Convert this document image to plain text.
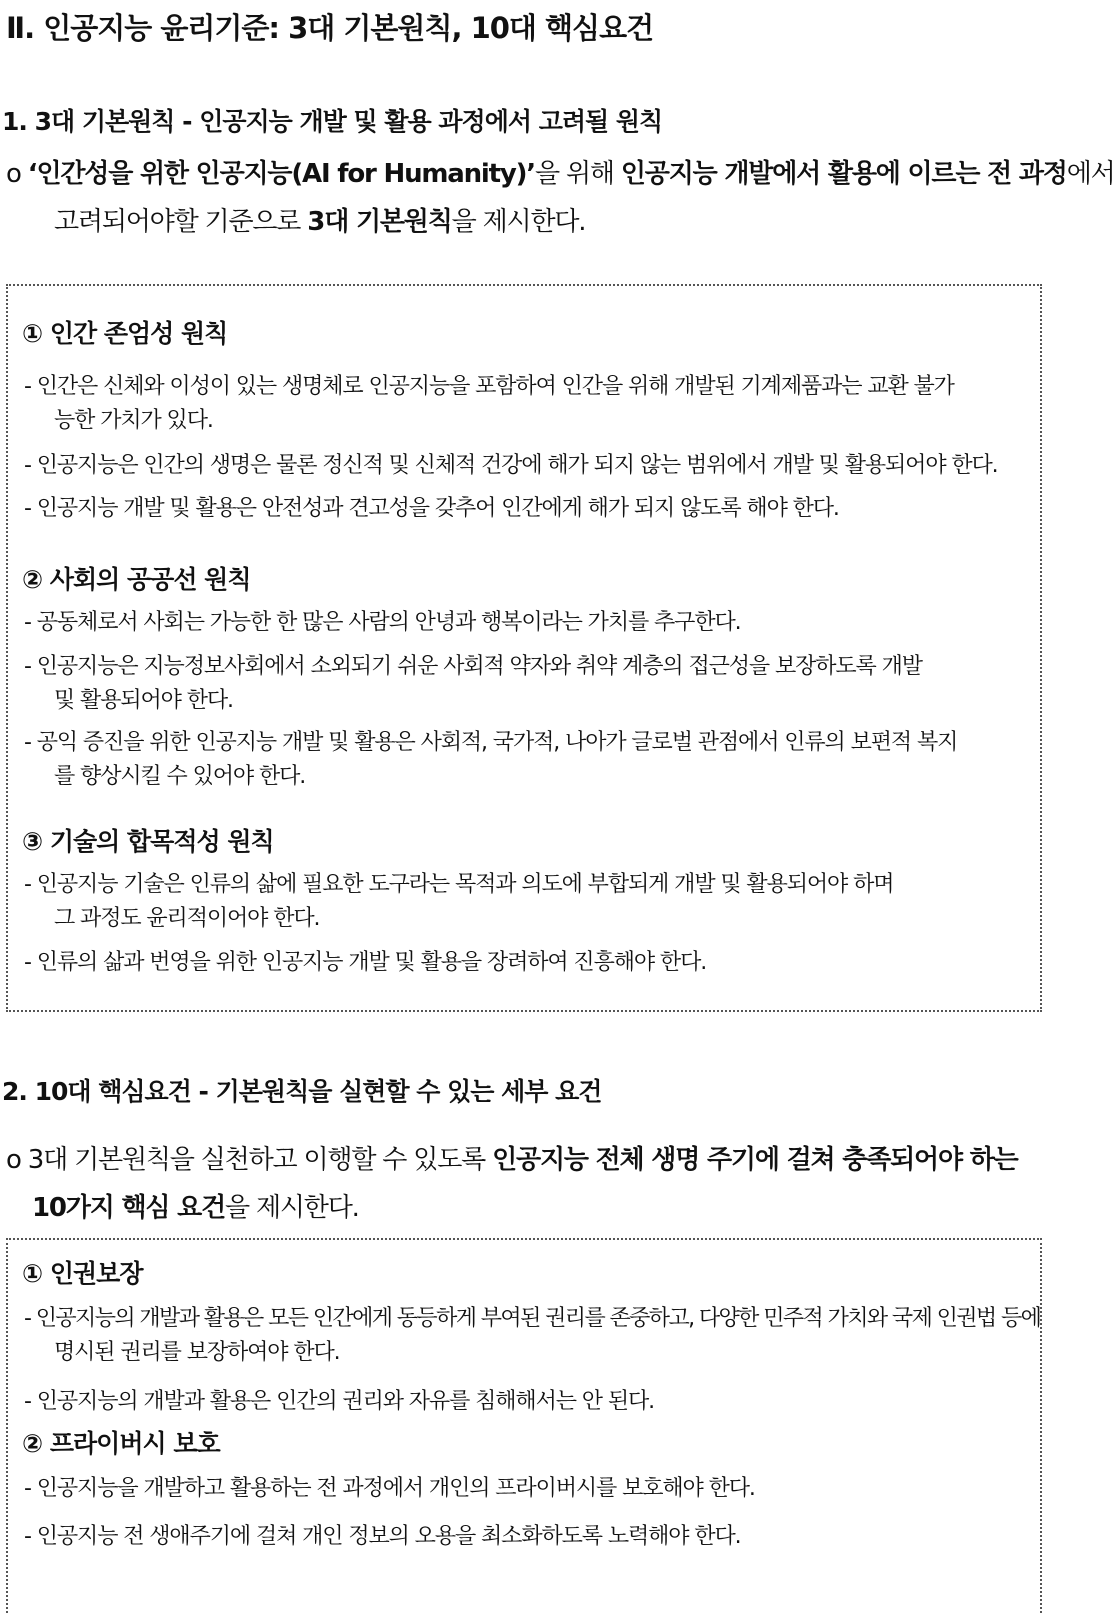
Ⅱ. 인공지능 윤리기준: 3대 기본원칙, 10대 핵심요건
1. 3대 기본원칙 - 인공지능 개발 및 활용 과정에서 고려될 원칙
o ‘인간성을 위한 인공지능(AI for Humanity)’을 위해 인공지능 개발에서 활용에 이르는 전 과정에서
고려되어야할 기준으로 3대 기본원칙을 제시한다.
① 인간 존엄성 원칙
- 인간은 신체와 이성이 있는 생명체로 인공지능을 포함하여 인간을 위해 개발된 기계제품과는 교환 불가
능한 가치가 있다.
- 인공지능은 인간의 생명은 물론 정신적 및 신체적 건강에 해가 되지 않는 범위에서 개발 및 활용되어야 한다.
- 인공지능 개발 및 활용은 안전성과 견고성을 갖추어 인간에게 해가 되지 않도록 해야 한다.
② 사회의 공공선 원칙
- 공동체로서 사회는 가능한 한 많은 사람의 안녕과 행복이라는 가치를 추구한다.
- 인공지능은 지능정보사회에서 소외되기 쉬운 사회적 약자와 취약 계층의 접근성을 보장하도록 개발
및 활용되어야 한다.
- 공익 증진을 위한 인공지능 개발 및 활용은 사회적, 국가적, 나아가 글로벌 관점에서 인류의 보편적 복지
를 향상시킬 수 있어야 한다.
③ 기술의 합목적성 원칙
- 인공지능 기술은 인류의 삶에 필요한 도구라는 목적과 의도에 부합되게 개발 및 활용되어야 하며
그 과정도 윤리적이어야 한다.
- 인류의 삶과 번영을 위한 인공지능 개발 및 활용을 장려하여 진흥해야 한다.
2. 10대 핵심요건 - 기본원칙을 실현할 수 있는 세부 요건
o 3대 기본원칙을 실천하고 이행할 수 있도록 인공지능 전체 생명 주기에 걸쳐 충족되어야 하는
10가지 핵심 요건을 제시한다.
① 인권보장
- 인공지능의 개발과 활용은 모든 인간에게 동등하게 부여된 권리를 존중하고, 다양한 민주적 가치와 국제 인권법 등에
명시된 권리를 보장하여야 한다.
- 인공지능의 개발과 활용은 인간의 권리와 자유를 침해해서는 안 된다.
② 프라이버시 보호
- 인공지능을 개발하고 활용하는 전 과정에서 개인의 프라이버시를 보호해야 한다.
- 인공지능 전 생애주기에 걸쳐 개인 정보의 오용을 최소화하도록 노력해야 한다.
